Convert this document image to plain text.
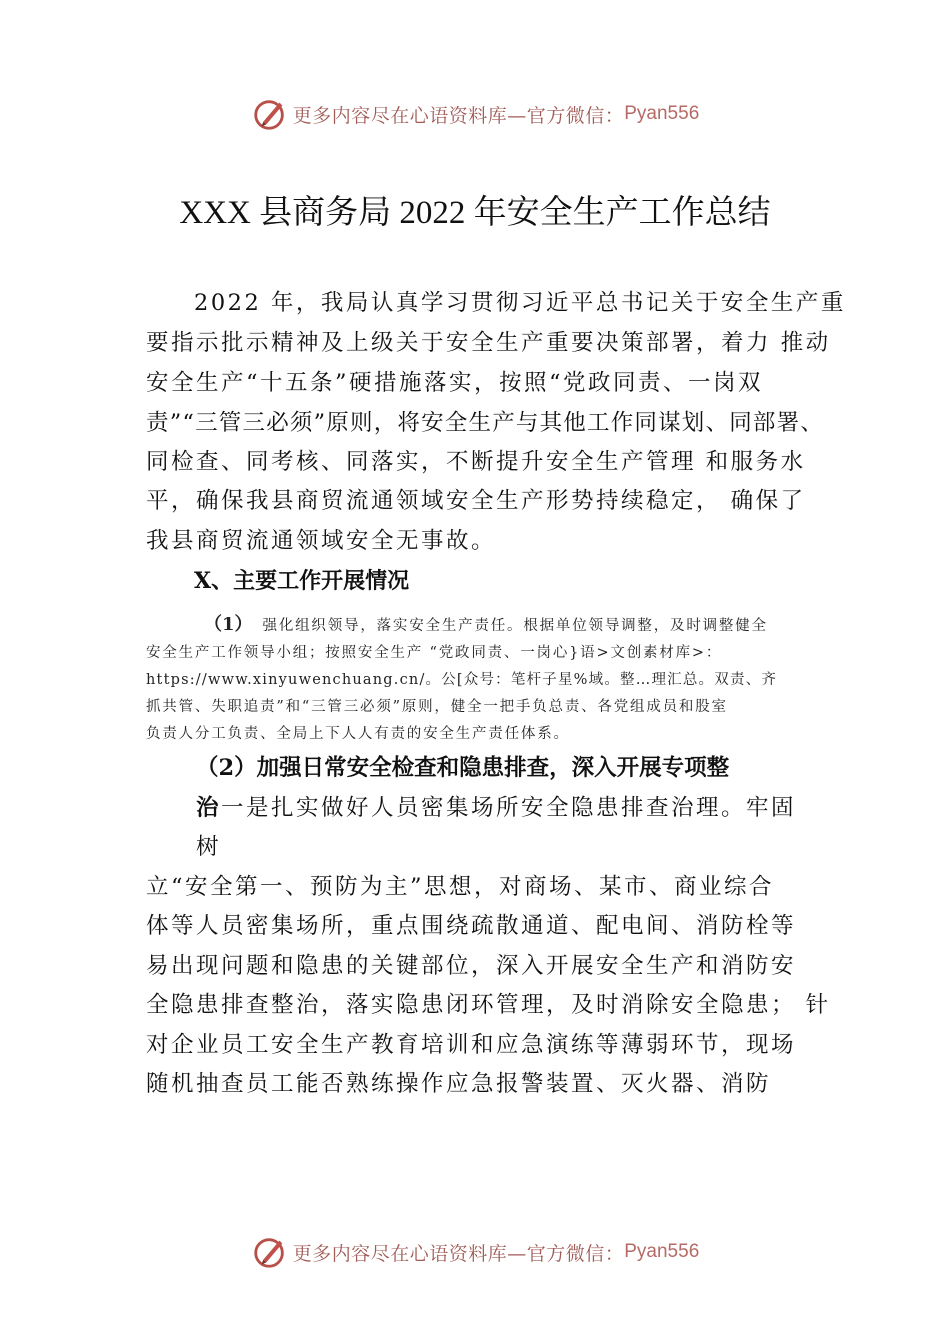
更多内容尽在心语资料库—官方微信： Pyan556
XXX 县商务局 2022 年安全生产工作总结
2022 年，我局认真学习贯彻习近平总书记关于安全生产重
要指示批示精神及上级关于安全生产重要决策部署，着力 推动
安全生产“十五条”硬措施落实，按照“党政同责、一岗双
责”“三管三必须”原则，将安全生产与其他工作同谋划、同部署、
同检查、同考核、同落实，不断提升安全生产管理 和服务水
平，确保我县商贸流通领域安全生产形势持续稳定， 确保了
我县商贸流通领域安全无事故。
X、主要工作开展情况
（1） 强化组织领导，落实安全生产责任。根据单位领导调整，及时调整健全
安全生产工作领导小组；按照安全生产 “党政同责、一岗心}语>文创素材库>：
https://www.xinyuwenchuang.cn/。公[众号：笔杆子星%域。整…理汇总。双责、齐
抓共管、失职追责”和“三管三必须”原则，健全一把手负总责、各党组成员和股室
负责人分工负责、全局上下人人有责的安全生产责任体系。
（2）加强日常安全检查和隐患排查，深入开展专项整
治一是扎实做好人员密集场所安全隐患排查治理。牢固
树
立“安全第一、预防为主”思想，对商场、某市、商业综合
体等人员密集场所，重点围绕疏散通道、配电间、消防栓等
易出现问题和隐患的关键部位，深入开展安全生产和消防安
全隐患排查整治，落实隐患闭环管理，及时消除安全隐患； 针
对企业员工安全生产教育培训和应急演练等薄弱环节，现场
随机抽查员工能否熟练操作应急报警装置、灭火器、消防
更多内容尽在心语资料库—官方微信： Pyan556
